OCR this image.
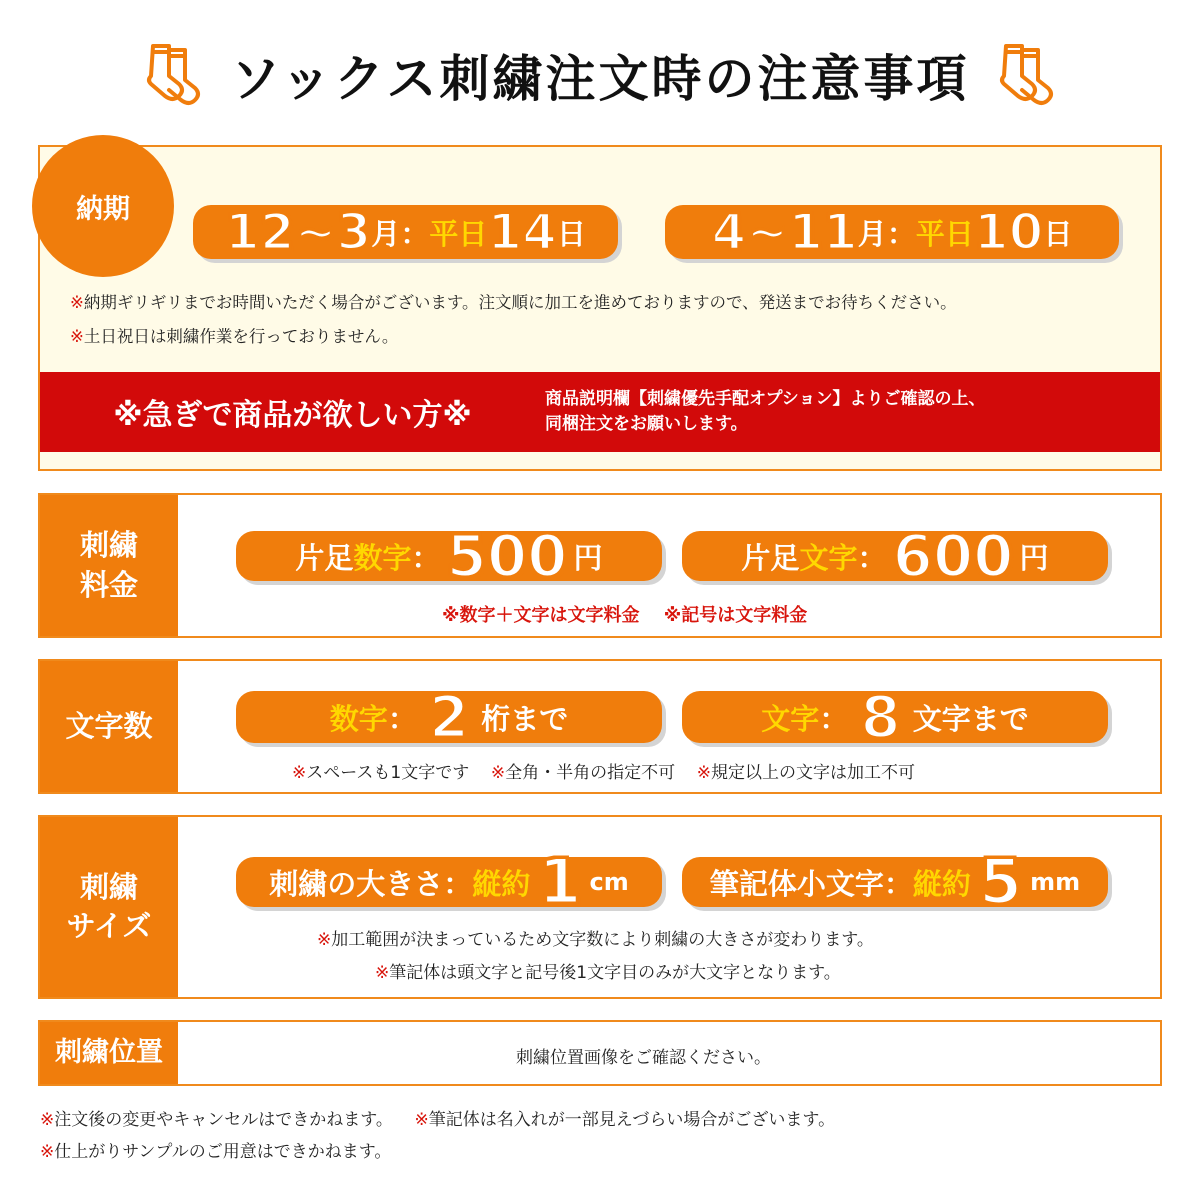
ソックス刺繍注文時の注意事項
納期	12~3 月 ： 平日 14 日	4~11 月 ： 平日 10 日
※納期ギリギリまでお時間いただく場合がございます。注文順に加工を進めておりますので、発送までお待ちください。
※土日祝日は刺繍作業を行っておりません。
※急ぎで商品が欲しい方※	商品説明欄【刺繍優先手配オプション】よりご確認の上、
同梱注文をお願いします。
刺繍
料金
片足 数字 ： 500 円	片足 文字 ： 600 円
※数字＋文字は文字料金　 ※記号は文字料金
文字数	数字 ： 2 桁まで	文字 ： 8 文字まで
※スペースも1文字です ※全角・半角の指定不可 ※規定以上の文字は加工不可
刺繍
サイズ
刺繍の大きさ ： 縦約 1 cm	筆記体小文字 ： 縦約 5 mm
※加工範囲が決まっているため文字数により刺繍の大きさが変わります。
※筆記体は頭文字と記号後1文字目のみが大文字となります。
刺繍位置	刺繍位置画像をご確認ください。
※注文後の変更やキャンセルはできかねます。 ※筆記体は名入れが一部見えづらい場合がございます。
※仕上がりサンプルのご用意はできかねます。
